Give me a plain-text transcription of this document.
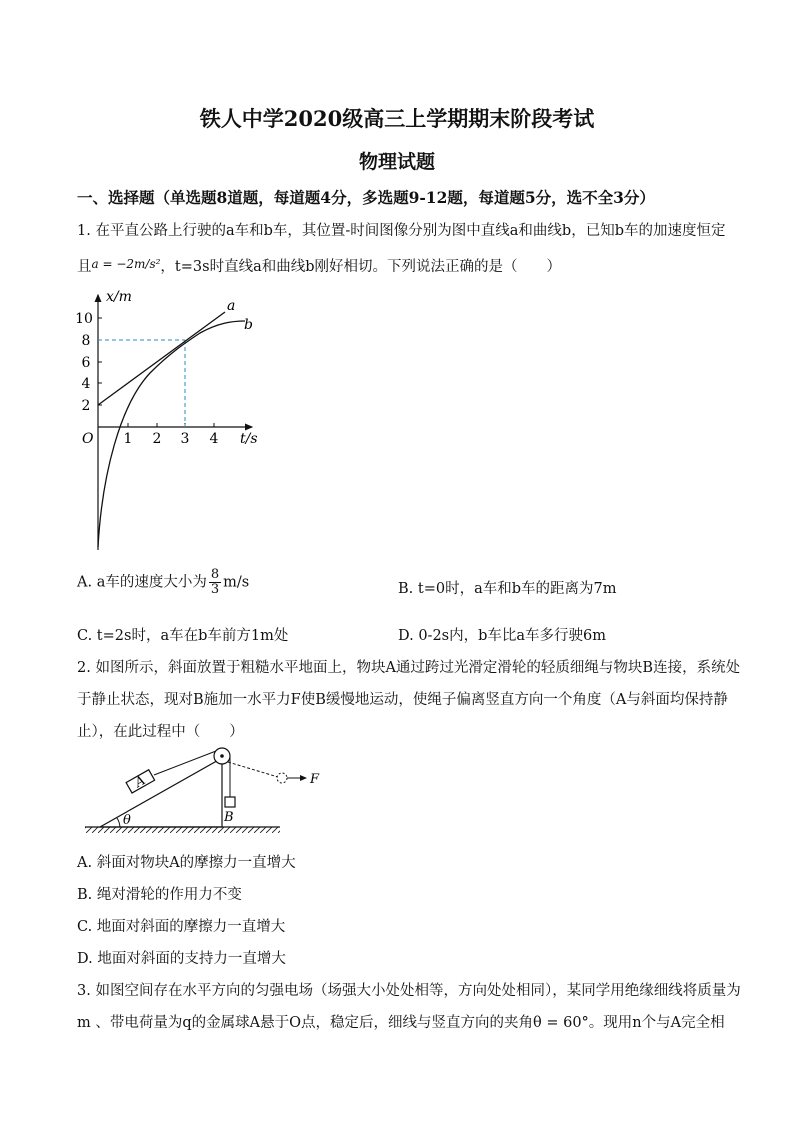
铁人中学2020级高三上学期期末阶段考试
物理试题
一、选择题（单选题8道题，每道题4分，多选题9-12题，每道题5分，选不全3分）
1. 在平直公路上行驶的a车和b车，其位置-时间图像分别为图中直线a和曲线b，已知b车的加速度恒定
且$^{a = -2m/s^2}$，t=3s时直线a和曲线b刚好相切。下列说法正确的是（　　）
x/m
t/s
O
2
4
6
8
10
1 2 3 4
a
b
A. a车的速度大小为 $\frac{8}{3} m/s$	B. t=0时，a车和b车的距离为7m
C. t=2s时，a车在b车前方1m处	D. 0-2s内，b车比a车多行驶6m
2. 如图所示，斜面放置于粗糙水平地面上，物块A通过跨过光滑定滑轮的轻质细绳与物块B连接，系统处
于静止状态，现对B施加一水平力F使B缓慢地运动，使绳子偏离竖直方向一个角度（A与斜面均保持静
止），在此过程中（　　）
θ
A
B
F
A. 斜面对物块A的摩擦力一直增大
B. 绳对滑轮的作用力不变
C. 地面对斜面的摩擦力一直增大
D. 地面对斜面的支持力一直增大
3. 如图空间存在水平方向的匀强电场（场强大小处处相等，方向处处相同），某同学用绝缘细线将质量为
m 、带电荷量为q的金属球A悬于O点，稳定后，细线与竖直方向的夹角θ = 60°。现用n个与A完全相
